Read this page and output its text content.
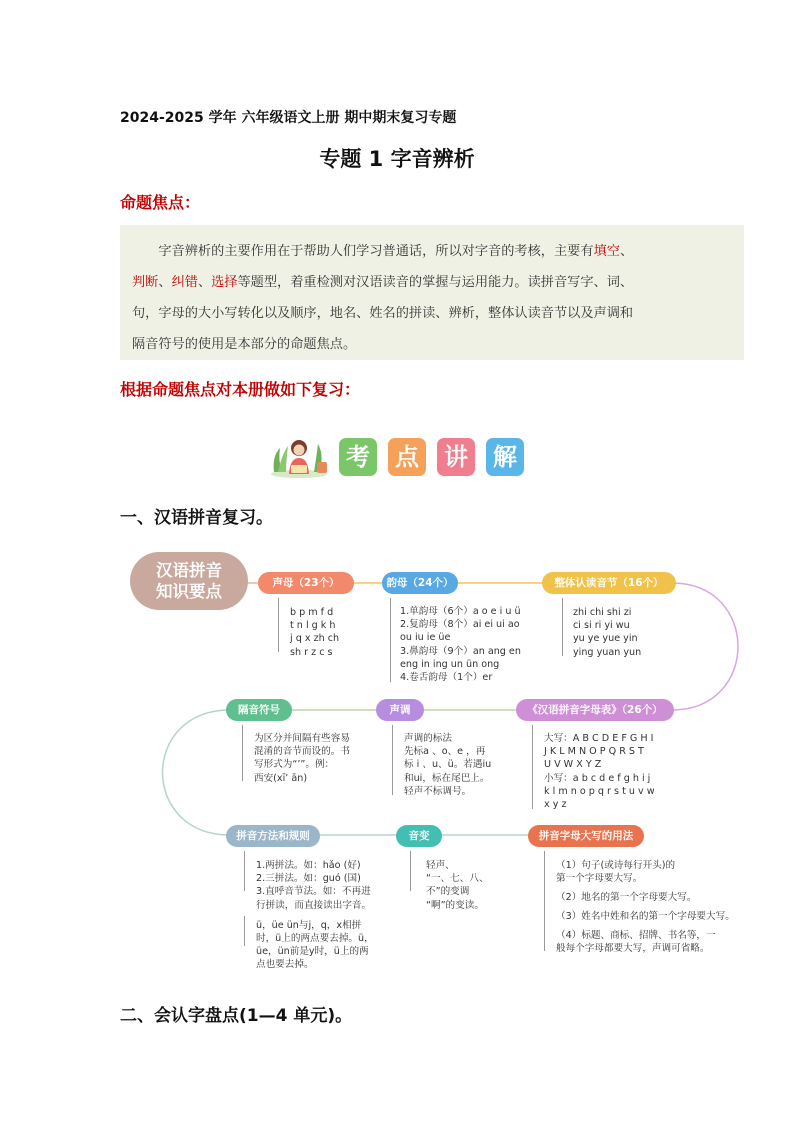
2024-2025 学年 六年级语文上册 期中期末复习专题
专题 1 字音辨析
命题焦点：
　　字音辨析的主要作用在于帮助人们学习普通话，所以对字音的考核，主要有填空、
判断、纠错、选择等题型，着重检测对汉语读音的掌握与运用能力。读拼音写字、词、
句，字母的大小写转化以及顺序，地名、姓名的拼读、辨析，整体认读音节以及声调和
隔音符号的使用是本部分的命题焦点。
根据命题焦点对本册做如下复习：
考 点 讲 解
一、汉语拼音复习。
汉语拼音
知识要点	声母（23个）
b p m f d
t n l g k h
j q x zh ch
sh r z c s
韵母（24个）
1.单韵母（6个）a o e i u ü
2.复韵母（8个）ai ei ui ao
ou iu ie üe
3.鼻韵母（9个）an ang en
eng in ing un ün ong
4.卷舌韵母（1个）er
整体认读音节（16个）
zhi chi shi zi
ci si ri yi wu
yu ye yue yin
ying yuan yun
《汉语拼音字母表》（26个）
大写：A B C D E F G H I
J K L M N O P Q R S T
U V W X Y Z
小写：a b c d e f g h i j
k l m n o p q r s t u v w
x y z
声调
声调的标法
先标a 、o、e ，再
标 i 、u、ü。若遇iu
和ui，标在尾巴上。
轻声不标调号。
隔音符号
为区分并间隔有些容易
混淆的音节而设的。书
写形式为“’”。例：
西安(xī’ ān)
拼音方法和规则
1.两拼法。如：hǎo (好)
2.三拼法。如：guó (国)
3.直呼音节法。如：不再进
行拼读，而直接读出字音。
ü，üe ün与j，q，x相拼
时，ü上的两点要去掉。ü，
üe，ün前是y时，ü上的两
点也要去掉。
音变
轻声、
“一、七、八、
不”的变调
“啊”的变读。
拼音字母大写的用法
（1）句子(或诗每行开头)的
第一个字母要大写。
（2）地名的第一个字母要大写。
（3）姓名中姓和名的第一个字母要大写。
（4）标题、商标、招牌、书名等，一
般每个字母都要大写，声调可省略。
二、会认字盘点(1—4 单元)。
